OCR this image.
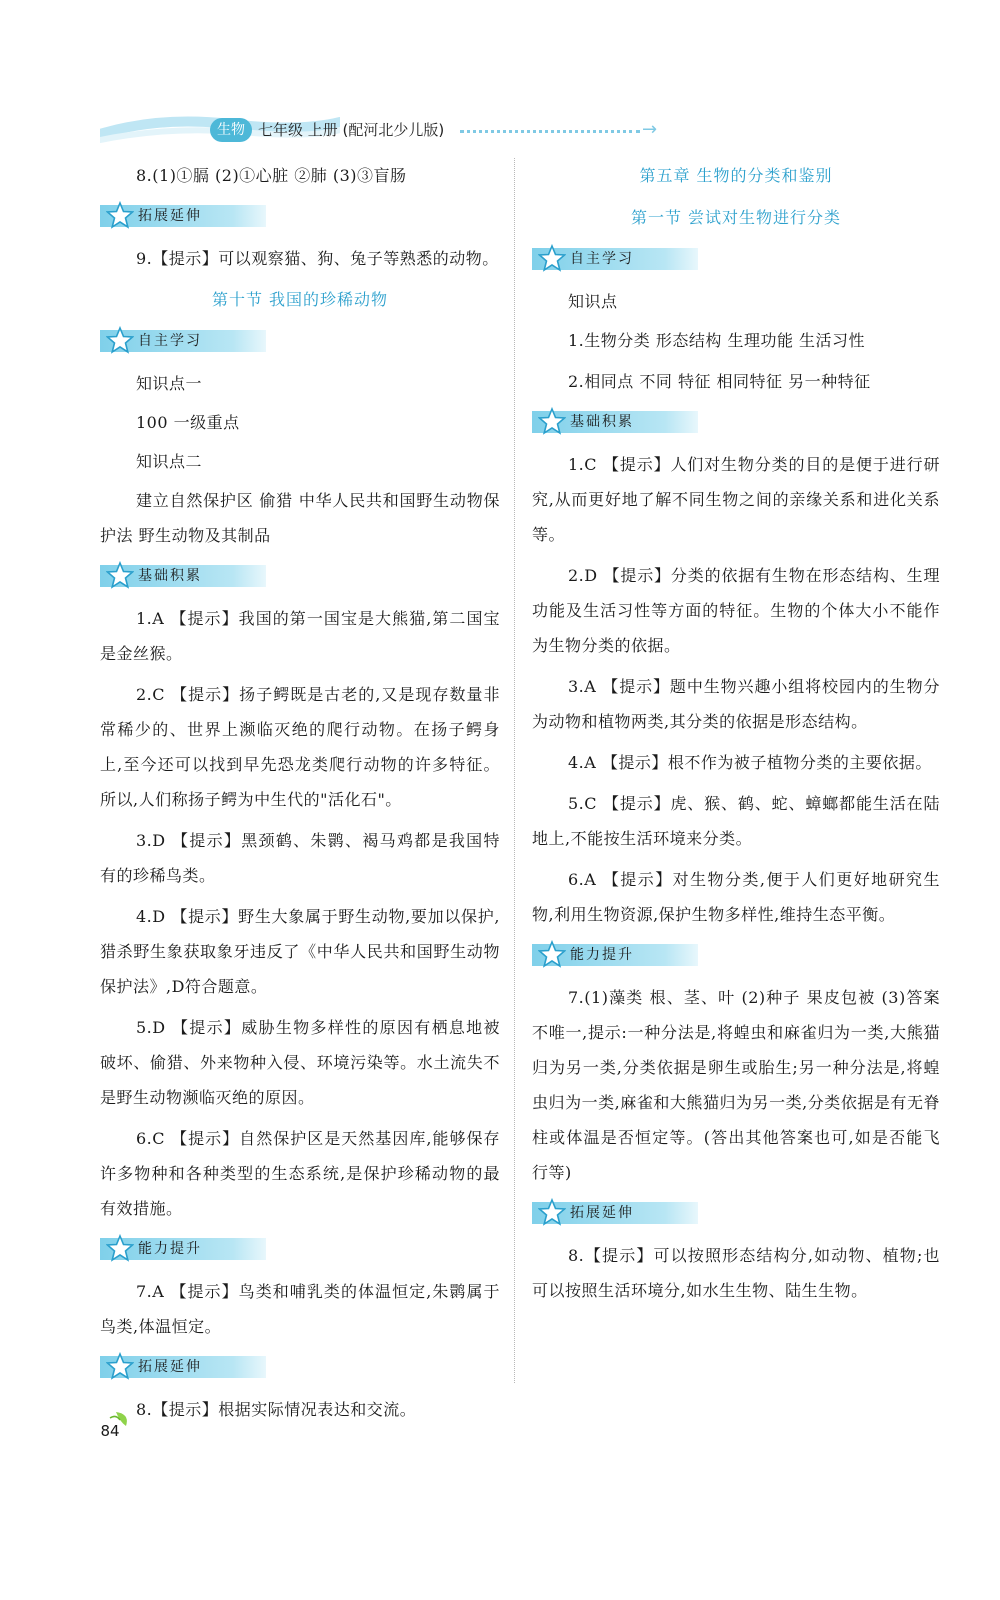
生物 七年级 上册 (配河北少儿版)	→

8.(1)①膈 (2)①心脏 ②肺 (3)③盲肠

拓展延伸

9.【提示】可以观察猫、狗、兔子等熟悉的动物。

第十节 我国的珍稀动物
自主学习

知识点一

100 一级重点

知识点二

建立自然保护区 偷猎 中华人民共和国野生动物保护法 野生动物及其制品

基础积累

1.A 【提示】我国的第一国宝是大熊猫,第二国宝是金丝猴。

2.C 【提示】扬子鳄既是古老的,又是现存数量非常稀少的、世界上濒临灭绝的爬行动物。在扬子鳄身上,至今还可以找到早先恐龙类爬行动物的许多特征。所以,人们称扬子鳄为中生代的"活化石"。

3.D 【提示】黑颈鹤、朱鹮、褐马鸡都是我国特有的珍稀鸟类。

4.D 【提示】野生大象属于野生动物,要加以保护,猎杀野生象获取象牙违反了《中华人民共和国野生动物保护法》,D符合题意。

5.D 【提示】威胁生物多样性的原因有栖息地被破坏、偷猎、外来物种入侵、环境污染等。水土流失不是野生动物濒临灭绝的原因。

6.C 【提示】自然保护区是天然基因库,能够保存许多物种和各种类型的生态系统,是保护珍稀动物的最有效措施。

能力提升

7.A 【提示】鸟类和哺乳类的体温恒定,朱鹮属于鸟类,体温恒定。

拓展延伸

8.【提示】根据实际情况表达和交流。

第五章 生物的分类和鉴别
第一节 尝试对生物进行分类
自主学习

知识点

1.生物分类 形态结构 生理功能 生活习性

2.相同点 不同 特征 相同特征 另一种特征

基础积累

1.C 【提示】人们对生物分类的目的是便于进行研究,从而更好地了解不同生物之间的亲缘关系和进化关系等。

2.D 【提示】分类的依据有生物在形态结构、生理功能及生活习性等方面的特征。生物的个体大小不能作为生物分类的依据。

3.A 【提示】题中生物兴趣小组将校园内的生物分为动物和植物两类,其分类的依据是形态结构。

4.A 【提示】根不作为被子植物分类的主要依据。

5.C 【提示】虎、猴、鹤、蛇、蟑螂都能生活在陆地上,不能按生活环境来分类。

6.A 【提示】对生物分类,便于人们更好地研究生物,利用生物资源,保护生物多样性,维持生态平衡。

能力提升

7.(1)藻类 根、茎、叶 (2)种子 果皮包被 (3)答案不唯一,提示:一种分法是,将蝗虫和麻雀归为一类,大熊猫归为另一类,分类依据是卵生或胎生;另一种分法是,将蝗虫归为一类,麻雀和大熊猫归为另一类,分类依据是有无脊柱或体温是否恒定等。(答出其他答案也可,如是否能飞行等)

拓展延伸

8.【提示】可以按照形态结构分,如动物、植物;也可以按照生活环境分,如水生生物、陆生生物。

84
